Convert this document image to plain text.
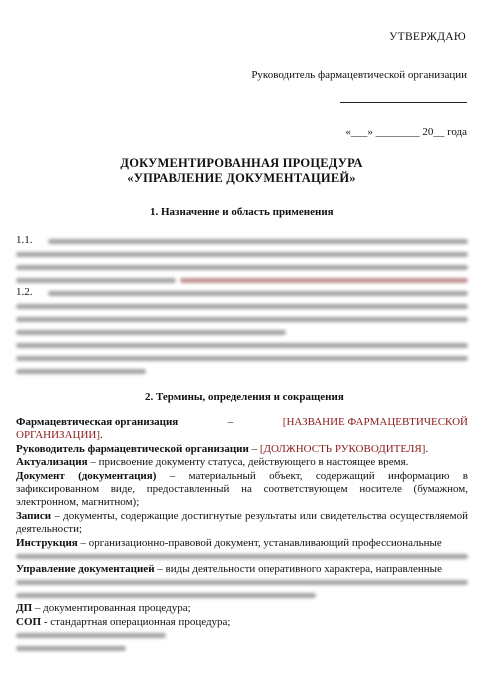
УТВЕРЖДАЮ
Руководитель фармацевтической организации
«___» ________ 20__ года
ДОКУМЕНТИРОВАННАЯ ПРОЦЕДУРА
«УПРАВЛЕНИЕ ДОКУМЕНТАЦИЕЙ»
1. Назначение и область применения
1.1.
1.2.
2. Термины, определения и сокращения
Фармацевтическая организация	–	[НАЗВАНИЕ ФАРМАЦЕВТИЧЕСКОЙ
ОРГАНИЗАЦИИ].
Руководитель фармацевтической организации – [ДОЛЖНОСТЬ РУКОВОДИТЕЛЯ].
Актуализация – присвоение документу статуса, действующего в настоящее время.
Документ (документация) – материальный объект, содержащий информацию в зафиксированном виде, предоставленный на соответствующем носителе (бумажном, электронном, магнитном);
Записи – документы, содержащие достигнутые результаты или свидетельства осуществляемой деятельности;
Инструкция – организационно-правовой документ, устанавливающий профессиональные
Управление документацией – виды деятельности оперативного характера, направленные
ДП – документированная процедура;
СОП - стандартная операционная процедура;
